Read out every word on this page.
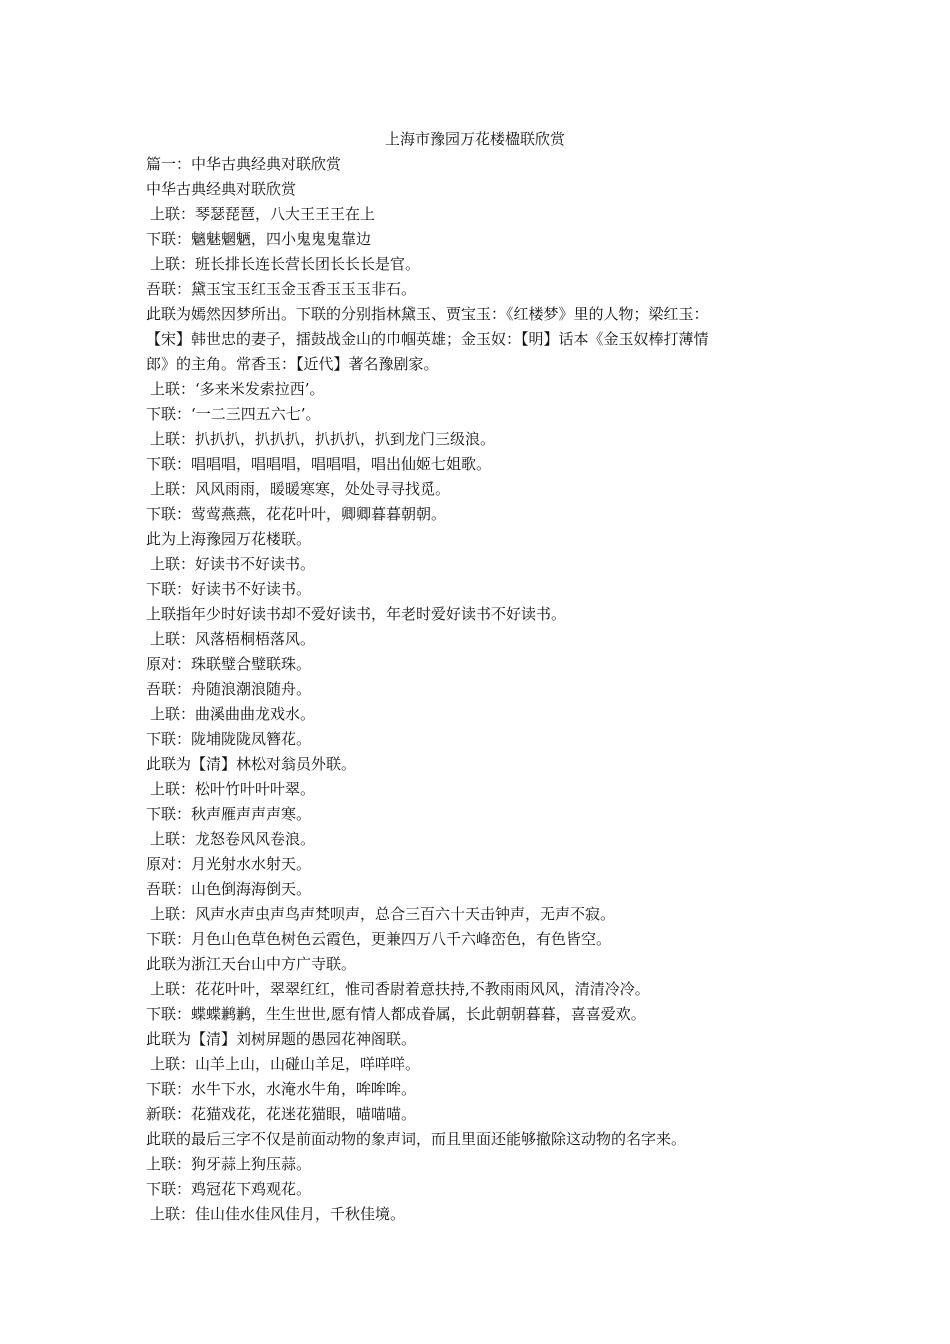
上海市豫园万花楼楹联欣赏
篇一：中华古典经典对联欣赏
中华古典经典对联欣赏
上联：琴瑟琵琶，八大王王王在上
下联：魑魅魍魉，四小鬼鬼鬼靠边
上联：班长排长连长营长团长长长是官。
吾联：黛玉宝玉红玉金玉香玉玉玉非石。
此联为嫣然因梦所出。下联的分别指林黛玉、贾宝玉：《红楼梦》里的人物；梁红玉：
【宋】韩世忠的妻子，擂鼓战金山的巾帼英雄；金玉奴：【明】话本《金玉奴棒打薄情
郎》的主角。常香玉：【近代】著名豫剧家。
上联：‘多来米发索拉西’。
下联：‘一二三四五六七’。
上联：扒扒扒，扒扒扒，扒扒扒，扒到龙门三级浪。
下联：唱唱唱，唱唱唱，唱唱唱，唱出仙姬七姐歌。
上联：风风雨雨，暖暖寒寒，处处寻寻找觅。
下联：莺莺燕燕，花花叶叶，卿卿暮暮朝朝。
此为上海豫园万花楼联。
上联：好读书不好读书。
下联：好读书不好读书。
上联指年少时好读书却不爱好读书，年老时爱好读书不好读书。
上联：风落梧桐梧落风。
原对：珠联璧合璧联珠。
吾联：舟随浪潮浪随舟。
上联：曲溪曲曲龙戏水。
下联：陇埔陇陇凤簪花。
此联为【清】林松对翁员外联。
上联：松叶竹叶叶叶翠。
下联：秋声雁声声声寒。
上联：龙怒卷风风卷浪。
原对：月光射水水射天。
吾联：山色倒海海倒天。
上联：风声水声虫声鸟声梵呗声，总合三百六十天击钟声，无声不寂。
下联：月色山色草色树色云霞色，更兼四万八千六峰峦色，有色皆空。
此联为浙江天台山中方广寺联。
上联：花花叶叶，翠翠红红，惟司香尉着意扶持,不教雨雨风风，清清冷冷。
下联：蝶蝶鹣鹣，生生世世,愿有情人都成眷属，长此朝朝暮暮，喜喜爱欢。
此联为【清】刘树屏题的愚园花神阁联。
上联：山羊上山，山碰山羊足，咩咩咩。
下联：水牛下水，水淹水牛角，哞哞哞。
新联：花猫戏花，花迷花猫眼，喵喵喵。
此联的最后三字不仅是前面动物的象声词，而且里面还能够撤除这动物的名字来。
上联：狗牙蒜上狗压蒜。
下联：鸡冠花下鸡观花。
上联：佳山佳水佳风佳月，千秋佳境。
